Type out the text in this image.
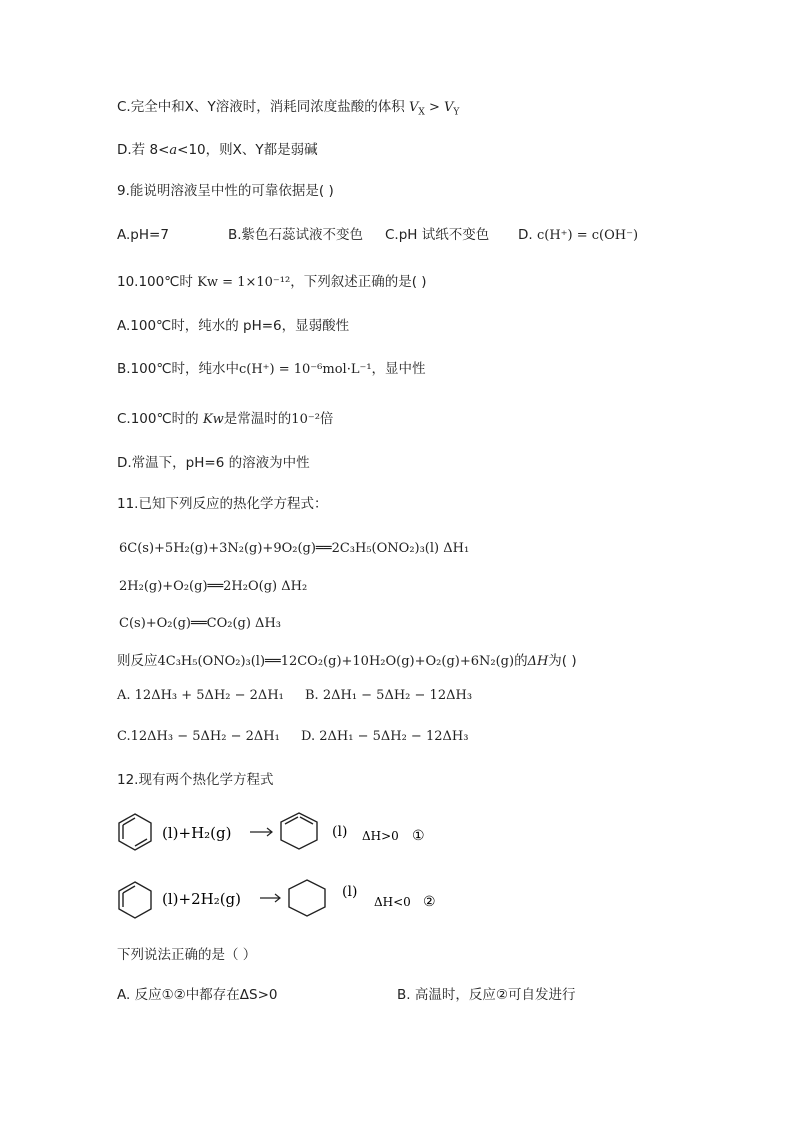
C.完全中和X、Y溶液时，消耗同浓度盐酸的体积 $V_X > V_Y$
D.若 8<a<10，则X、Y都是弱碱
9.能说明溶液呈中性的可靠依据是( )
A.pH=7	B.紫色石蕊试液不变色 C.pH 试纸不变色 D. c(H⁺) = c(OH⁻)
10.100℃时 Kw = 1×10⁻¹²，下列叙述正确的是( )
A.100℃时，纯水的 pH=6，显弱酸性
B.100℃时，纯水中c(H⁺) = 10⁻⁶mol·L⁻¹，显中性
C.100℃时的 Kw是常温时的10⁻²倍
D.常温下，pH=6 的溶液为中性
11.已知下列反应的热化学方程式：
6C(s)+5H₂(g)+3N₂(g)+9O₂(g)══2C₃H₅(ONO₂)₃(l) ΔH₁
2H₂(g)+O₂(g)══2H₂O(g) ΔH₂
C(s)+O₂(g)══CO₂(g) ΔH₃
则反应4C₃H₅(ONO₂)₃(l)══12CO₂(g)+10H₂O(g)+O₂(g)+6N₂(g)的ΔH为( )
A. 12ΔH₃ + 5ΔH₂ − 2ΔH₁ B. 2ΔH₁ − 5ΔH₂ − 12ΔH₃
C.12ΔH₃ − 5ΔH₂ − 2ΔH₁ D. 2ΔH₁ − 5ΔH₂ − 12ΔH₃
12.现有两个热化学方程式
(l)+H₂(g)	(l) ΔH>0 ①
(l)+2H₂(g)	(l)
ΔH<0 ②
下列说法正确的是（ ）
A. 反应①②中都存在ΔS>0	B. 高温时，反应②可自发进行
